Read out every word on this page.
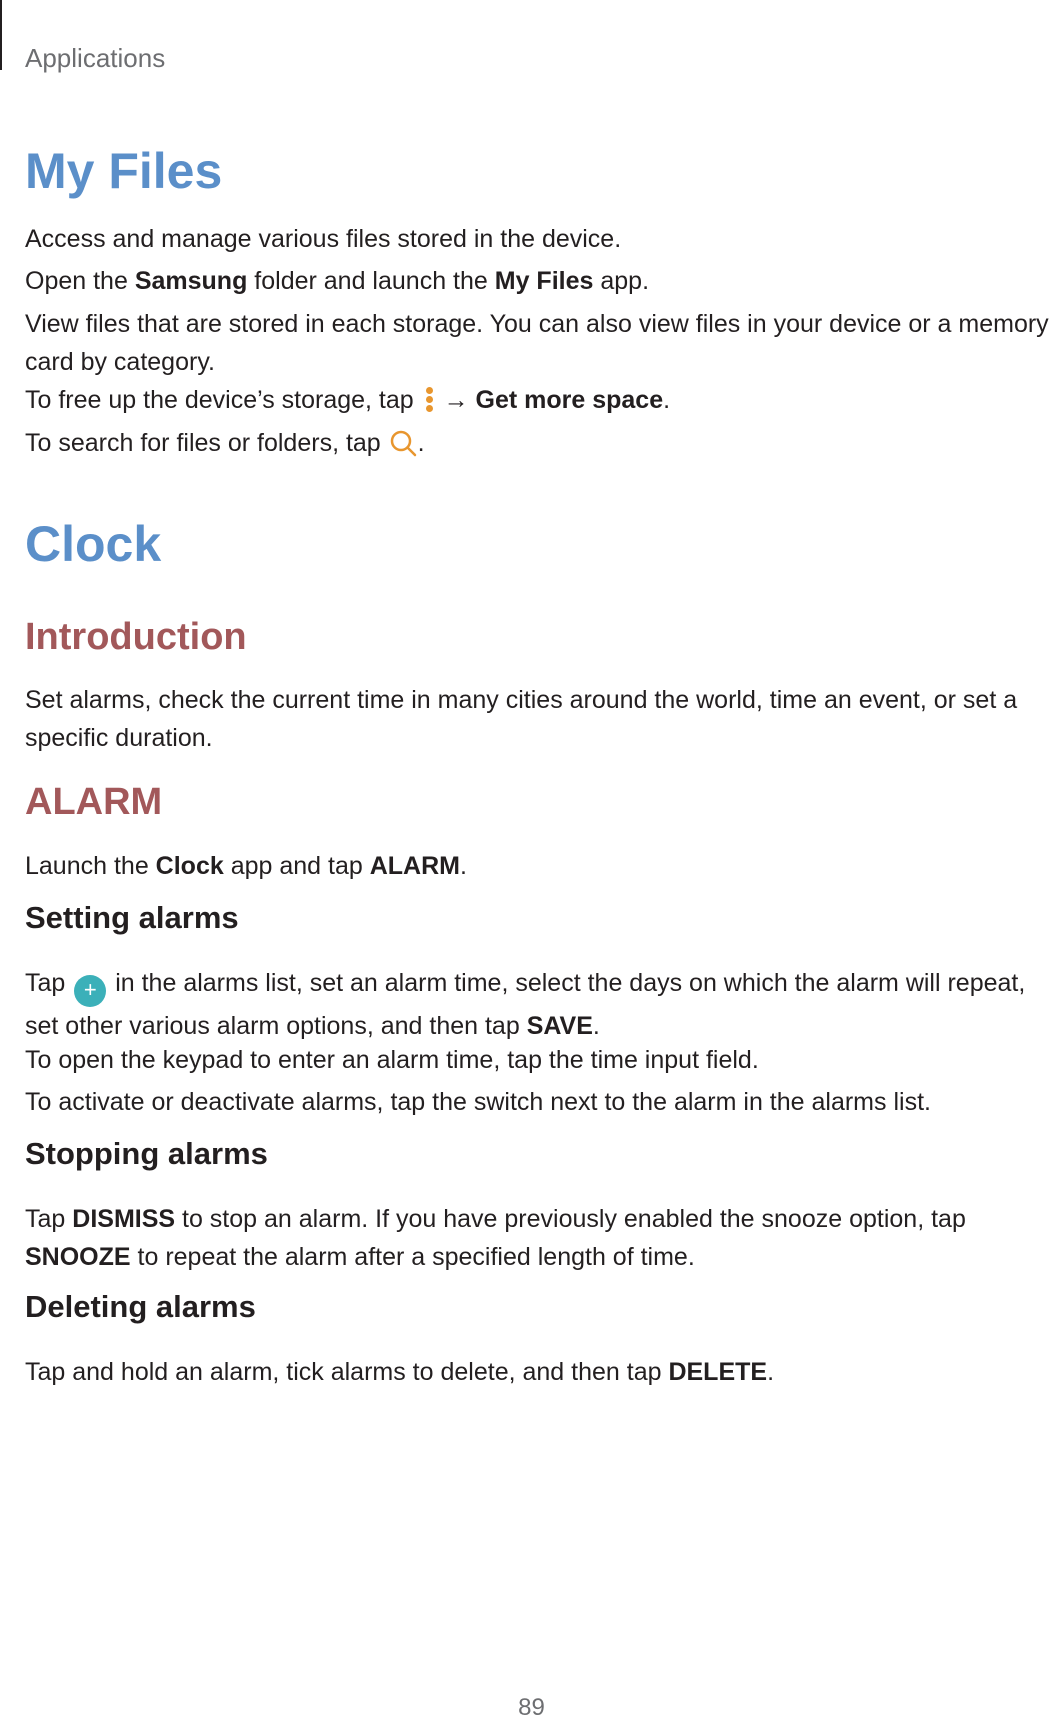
Applications
My Files
Access and manage various files stored in the device.
Open the Samsung folder and launch the My Files app.
View files that are stored in each storage. You can also view files in your device or a memory card by category.
To free up the device’s storage, tap
→ Get more space.
To search for files or folders, tap .
Clock
Introduction
Set alarms, check the current time in many cities around the world, time an event, or set a specific duration.
ALARM
Launch the Clock app and tap ALARM.
Setting alarms
Tap + in the alarms list, set an alarm time, select the days on which the alarm will repeat, set other various alarm options, and then tap SAVE.
To open the keypad to enter an alarm time, tap the time input field.
To activate or deactivate alarms, tap the switch next to the alarm in the alarms list.
Stopping alarms
Tap DISMISS to stop an alarm. If you have previously enabled the snooze option, tap SNOOZE to repeat the alarm after a specified length of time.
Deleting alarms
Tap and hold an alarm, tick alarms to delete, and then tap DELETE.
89
